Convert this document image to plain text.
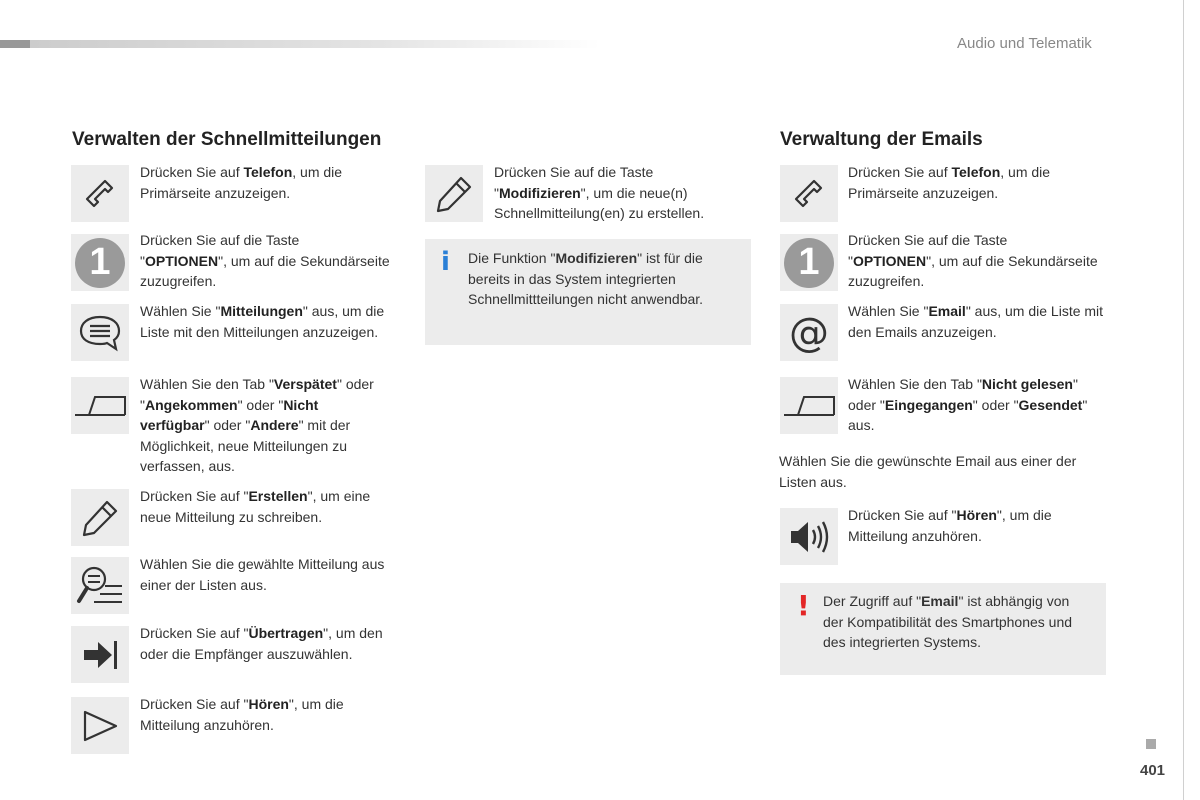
Audio und Telematik
Verwalten der Schnellmitteilungen
Drücken Sie auf Telefon, um die Primärseite anzuzeigen.
1
Drücken Sie auf die Taste "OPTIONEN", um auf die Sekundärseite zuzugreifen.
Wählen Sie "Mitteilungen" aus, um die Liste mit den Mitteilungen anzuzeigen.
Wählen Sie den Tab "Verspätet" oder "Angekommen" oder "Nicht verfügbar" oder "Andere" mit der Möglichkeit, neue Mitteilungen zu verfassen, aus.
Drücken Sie auf "Erstellen", um eine neue Mitteilung zu schreiben.
Wählen Sie die gewählte Mitteilung aus einer der Listen aus.
Drücken Sie auf "Übertragen", um den oder die Empfänger auszuwählen.
Drücken Sie auf "Hören", um die Mitteilung anzuhören.
Drücken Sie auf die Taste "Modifizieren", um die neue(n) Schnellmitteilung(en) zu erstellen.
i Die Funktion "Modifizieren" ist für die bereits in das System integrierten Schnellmittteilungen nicht anwendbar.
Verwaltung der Emails
Drücken Sie auf Telefon, um die Primärseite anzuzeigen.
1
Drücken Sie auf die Taste "OPTIONEN", um auf die Sekundärseite zuzugreifen.
@ Wählen Sie "Email" aus, um die Liste mit den Emails anzuzeigen.
Wählen Sie den Tab "Nicht gelesen" oder "Eingegangen" oder "Gesendet" aus.
Wählen Sie die gewünschte Email aus einer der Listen aus.
Drücken Sie auf "Hören", um die Mitteilung anzuhören.
! Der Zugriff auf "Email" ist abhängig von der Kompatibilität des Smartphones und des integrierten Systems.
401
